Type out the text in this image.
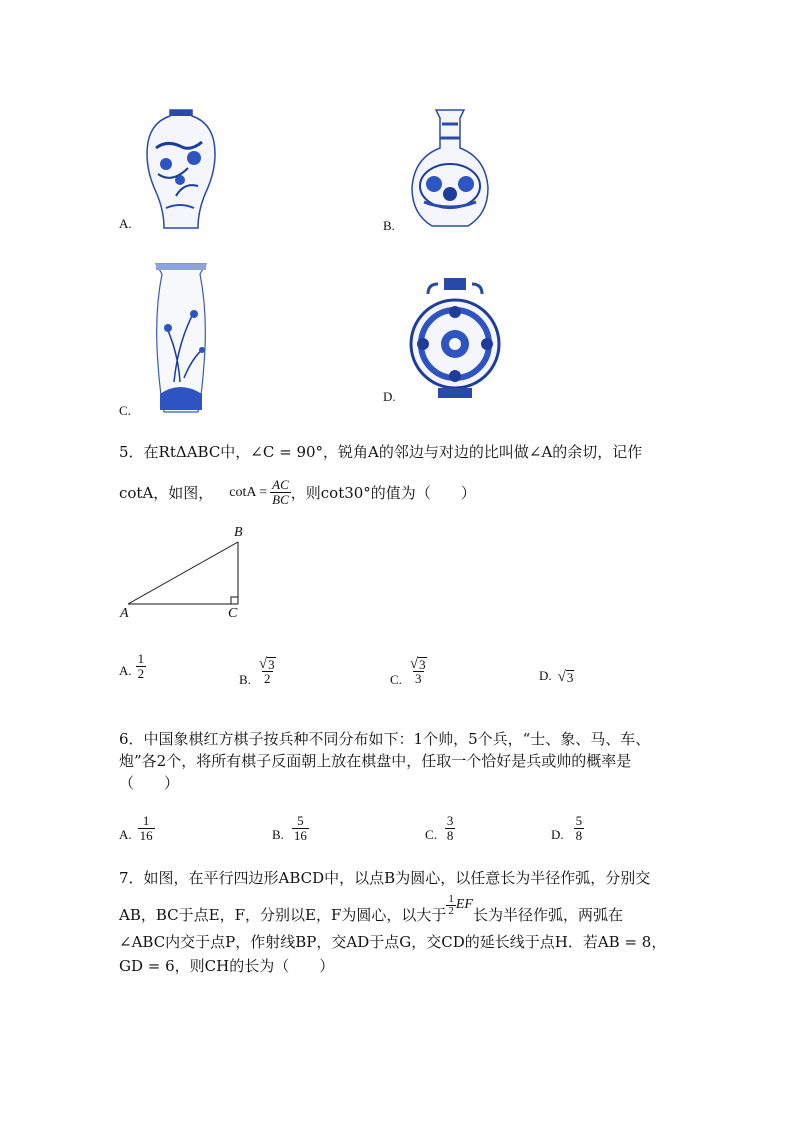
A.	B.
C.
D.
5．在RtΔABC中，∠C = 90°，锐角A的邻边与对边的比叫做∠A的余切，记作
cotA，如图， $\cot A = \frac{AC}{BC}$ ，则cot30°的值为（　　）
A
B
C
A. $\frac{1}{2}$	B. $\frac{√ 3}{2}$	C. $\frac{√ 3}{3}$	D. √ 3
6．中国象棋红方棋子按兵种不同分布如下：1个帅，5个兵，“士、象、马、车、
炮”各2个，将所有棋子反面朝上放在棋盘中，任取一个恰好是兵或帅的概率是
（　　）
A. $\frac{1}{16}$	B. $\frac{5}{16}$	C. $\frac{3}{8}$	D. $\frac{5}{8}$
7．如图，在平行四边形ABCD中，以点B为圆心，以任意长为半径作弧，分别交
AB，BC于点E，F，分别以E，F为圆心，以大于 $\frac{1}{2}$ EF
长为半径作弧，两弧在
∠ABC内交于点P，作射线BP，交AD于点G，交CD的延长线于点H．若AB = 8，
GD = 6，则CH的长为（　　）
